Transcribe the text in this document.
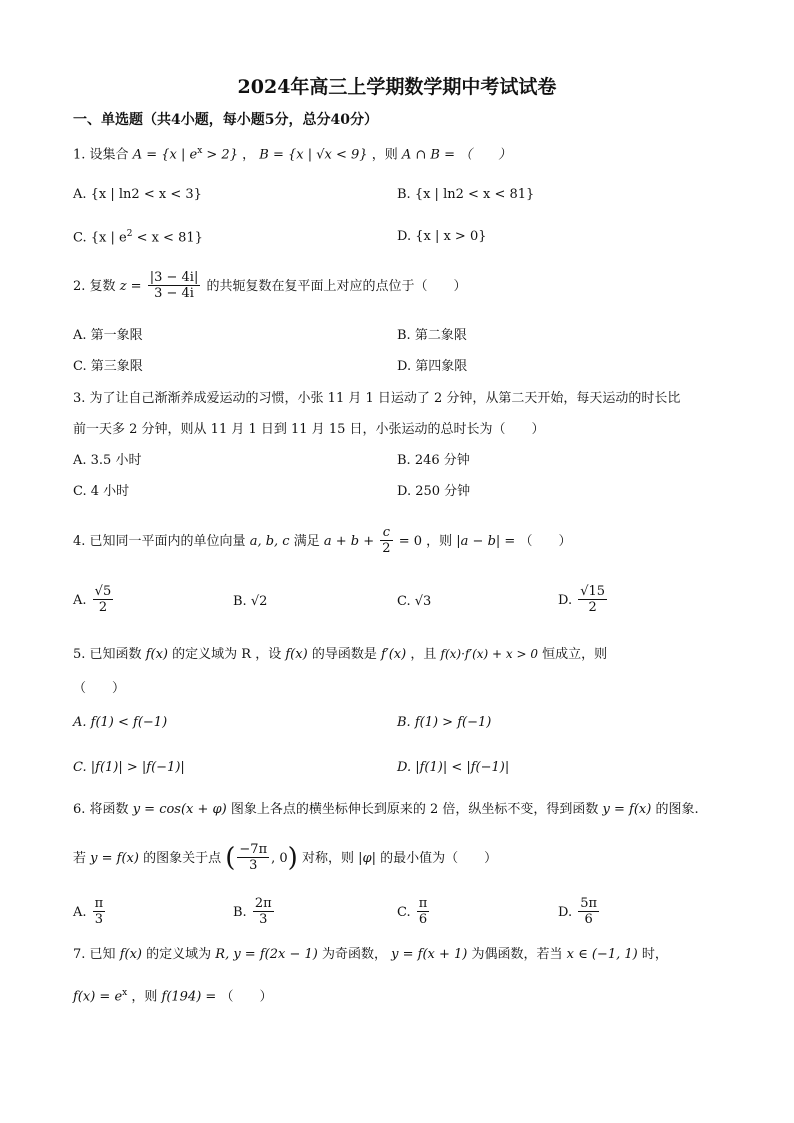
2024年高三上学期数学期中考试试卷
一、单选题（共4小题，每小题5分，总分40分）
1. 设集合 A = {x | $e^x > 2$} ， B = {x | √x < 9} ，则 A ∩ B = （　　）
A. {x | ln2 < x < 3}	B. {x | ln2 < x < 81}
C. {x | $e^2 < x < 81$}	D. {x | x > 0}
2. 复数 $z = \frac{|3 - 4i|}{3 - 4i}$ 的共轭复数在复平面上对应的点位于（　　）
A. 第一象限	B. 第二象限
C. 第三象限	D. 第四象限
3. 为了让自己渐渐养成爱运动的习惯，小张 11 月 1 日运动了 2 分钟，从第二天开始，每天运动的时长比
前一天多 2 分钟，则从 11 月 1 日到 11 月 15 日，小张运动的总时长为（　　）
A. 3.5 小时	B. 246 分钟
C. 4 小时	D. 250 分钟
4. 已知同一平面内的单位向量 a, b, c 满足 $a + b + \frac{c}{2} = 0$ ，则 |a − b| = （　　）
A. $\frac{√5}{2}$	B. √2	C. √3	D. $\frac{√15}{2}$
5. 已知函数 f(x) 的定义域为 R ，设 f(x) 的导函数是 f′(x) ，且 f(x)·f′(x) + x > 0 恒成立，则
（　　）
A. f(1) < f(−1)	B. f(1) > f(−1)
C. |f(1)| > |f(−1)|	D. |f(1)| < |f(−1)|
6. 将函数 y = cos(x + φ) 图象上各点的横坐标伸长到原来的 2 倍，纵坐标不变，得到函数 y = f(x) 的图象.
若 y = f(x) 的图象关于点 ( $\frac{-7\pi}{3}$ , 0) 对称，则 |φ| 的最小值为（　　）
A. $\frac{\pi}{3}$	B. $\frac{2\pi}{3}$	C. $\frac{\pi}{6}$	D. $\frac{5\pi}{6}$
7. 已知 f(x) 的定义域为 R, y = f(2x − 1) 为奇函数， y = f(x + 1) 为偶函数，若当 x ∈ (−1, 1) 时，
$f(x) = e^x$ ，则 f(194) = （　　）
